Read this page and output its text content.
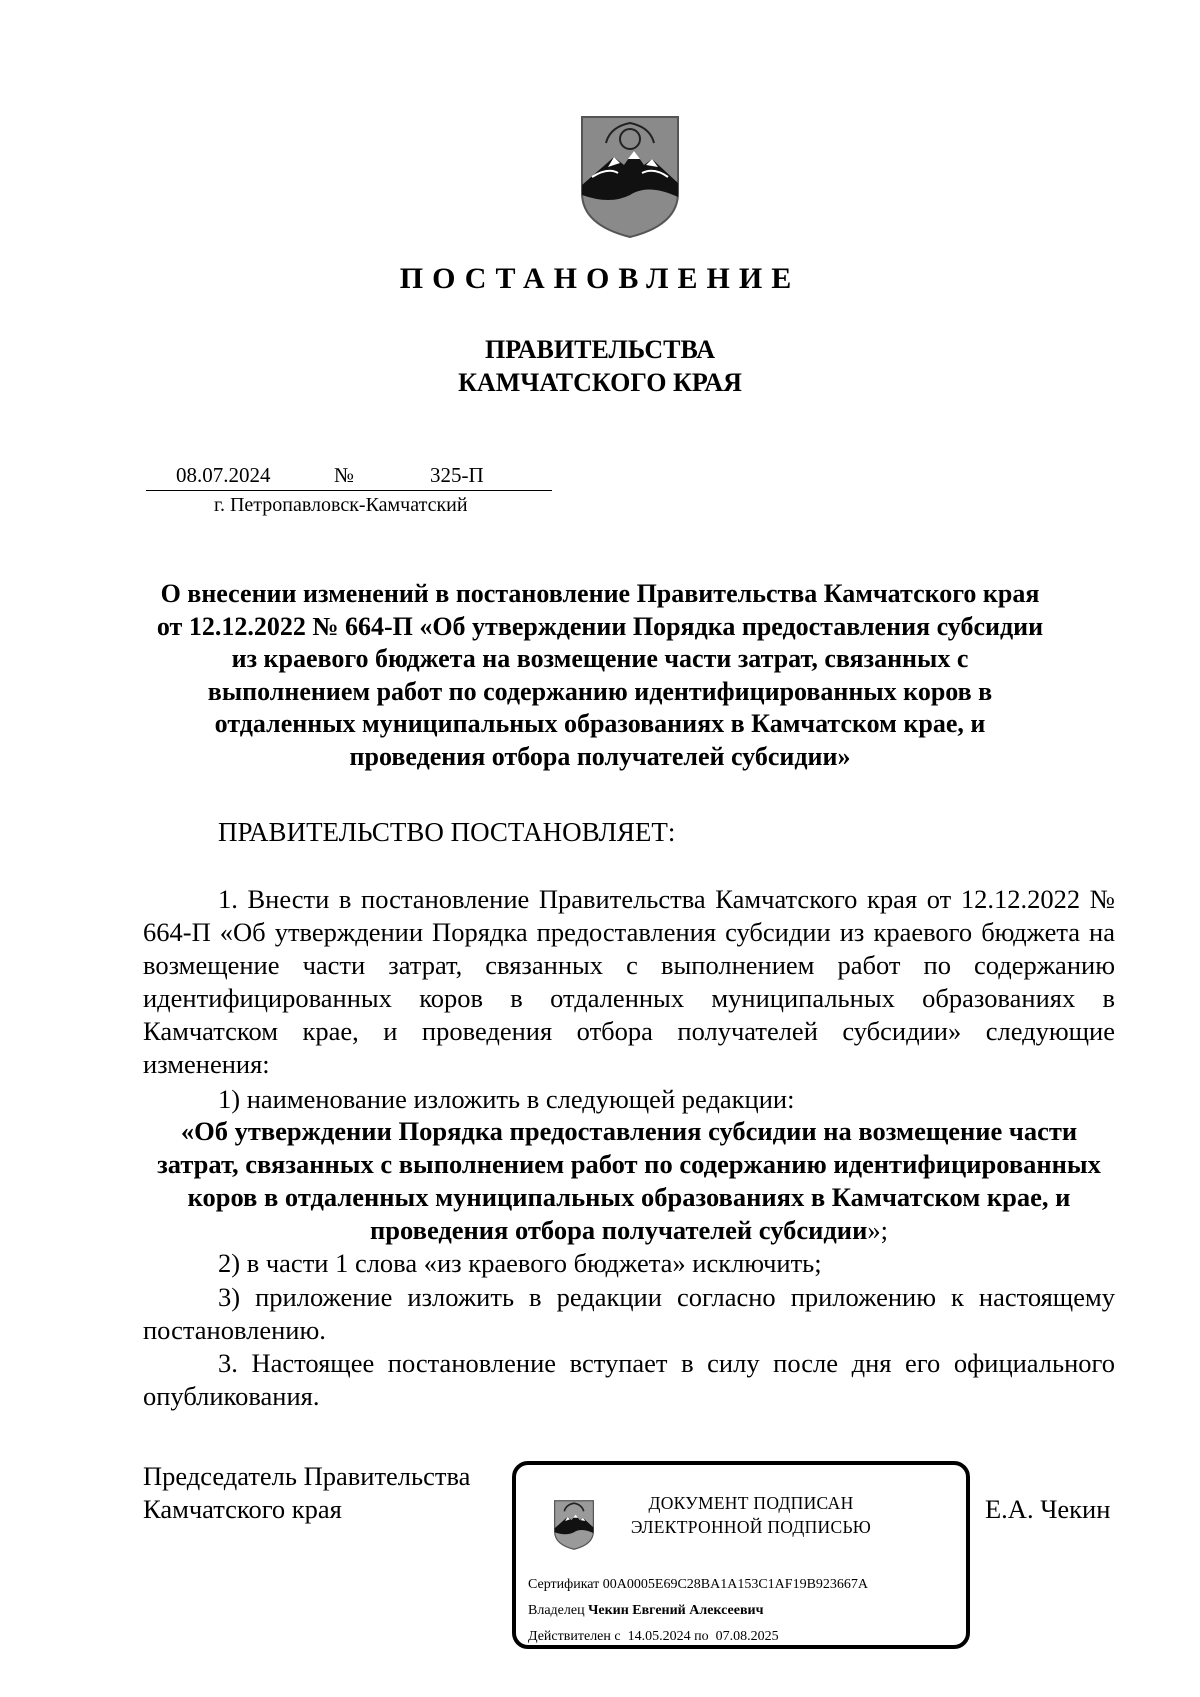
ПОСТАНОВЛЕНИЕ
ПРАВИТЕЛЬСТВА
КАМЧАТСКОГО КРАЯ
08.07.2024	№	325-П
г. Петропавловск-Камчатский
О внесении изменений в постановление Правительства Камчатского края от 12.12.2022 № 664-П «Об утверждении Порядка предоставления субсидии из краевого бюджета на возмещение части затрат, связанных с выполнением работ по содержанию идентифицированных коров в отдаленных муниципальных образованиях в Камчатском крае, и проведения отбора получателей субсидии»
ПРАВИТЕЛЬСТВО ПОСТАНОВЛЯЕТ:
1. Внести в постановление Правительства Камчатского края от 12.12.2022 № 664-П «Об утверждении Порядка предоставления субсидии из краевого бюджета на возмещение части затрат, связанных с выполнением работ по содержанию идентифицированных коров в отдаленных муниципальных образованиях в Камчатском крае, и проведения отбора получателей субсидии» следующие изменения:
1) наименование изложить в следующей редакции:
«Об утверждении Порядка предоставления субсидии на возмещение части затрат, связанных с выполнением работ по содержанию идентифицированных коров в отдаленных муниципальных образованиях в Камчатском крае, и проведения отбора получателей субсидии»;
2) в части 1 слова «из краевого бюджета» исключить;
3) приложение изложить в редакции согласно приложению к настоящему постановлению.
3. Настоящее постановление вступает в силу после дня его официального опубликования.
Председатель Правительства
Камчатского края	ДОКУМЕНТ ПОДПИСАН
ЭЛЕКТРОННОЙ ПОДПИСЬЮ
Сертификат 00A0005E69C28BA1A153C1AF19B923667A
Владелец Чекин Евгений Алексеевич
Действителен с 14.05.2024 по 07.08.2025
Е.А. Чекин
